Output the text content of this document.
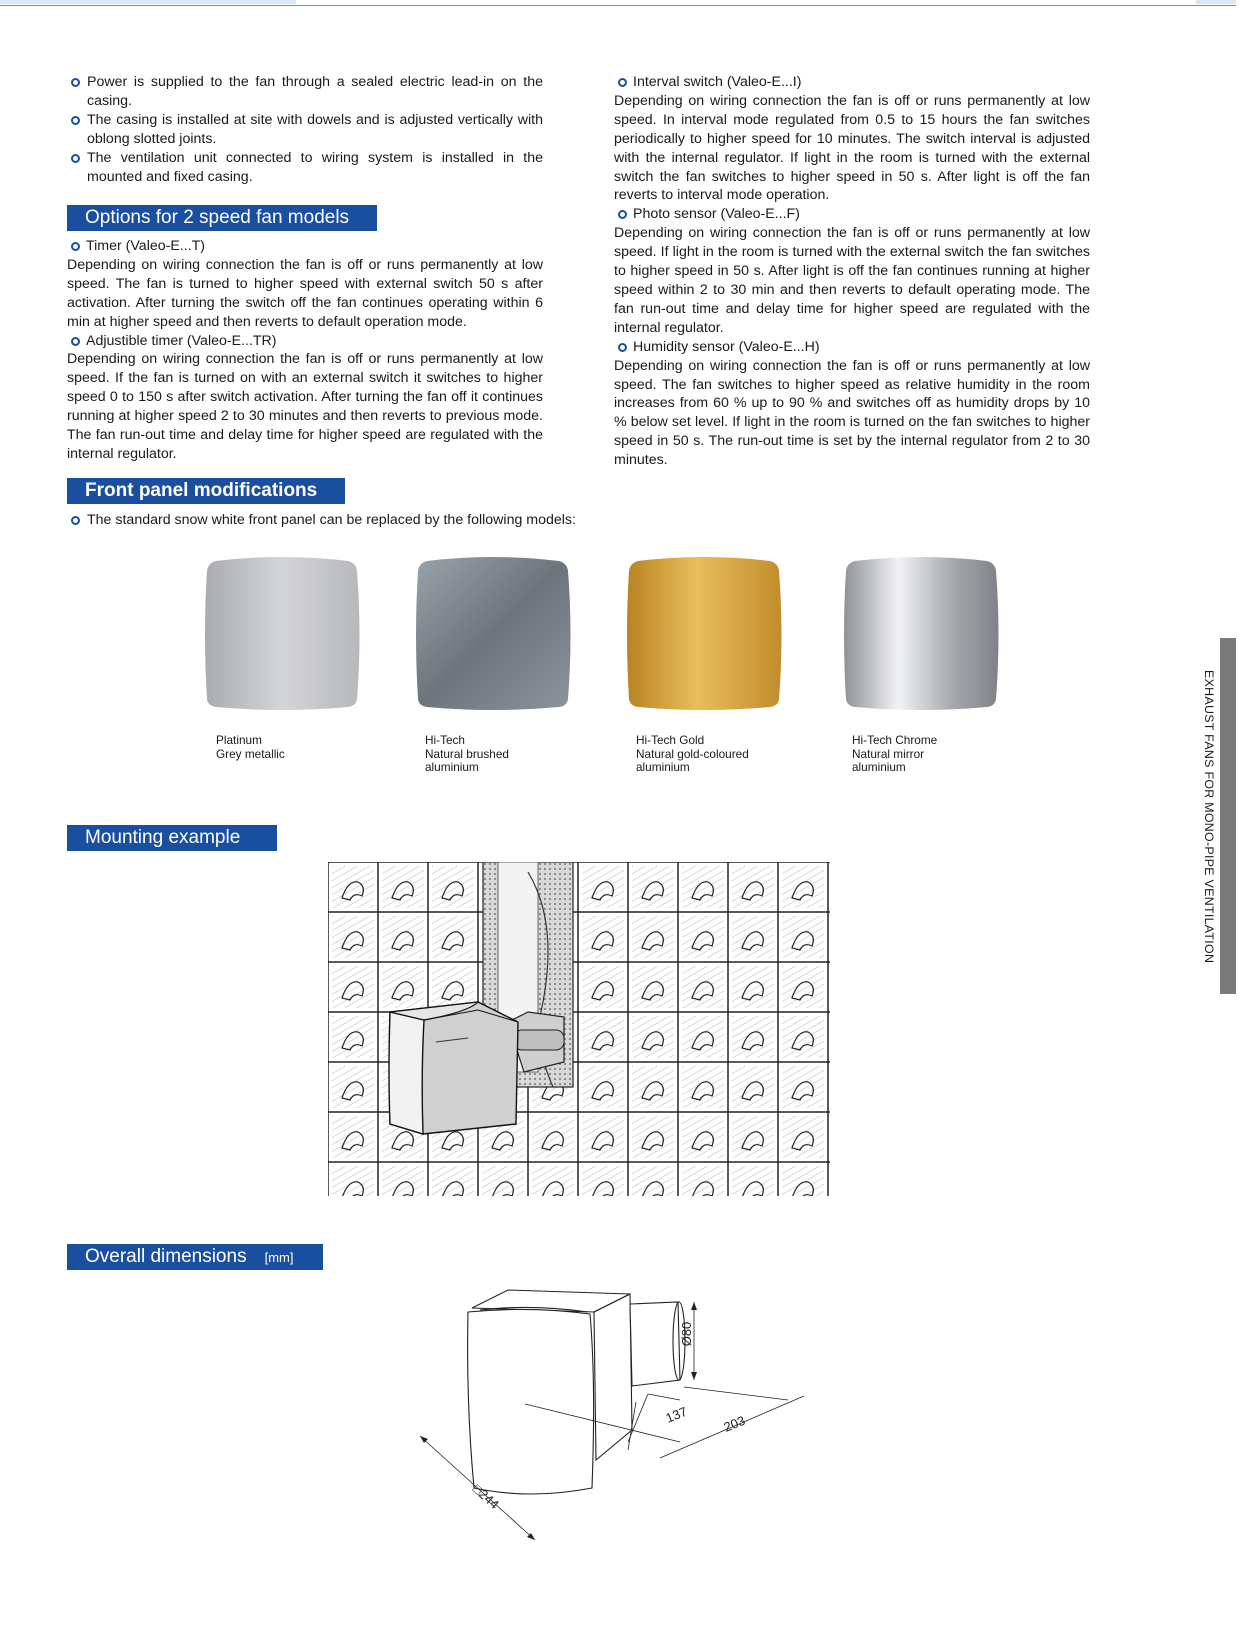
Power is supplied to the fan through a sealed electric lead-in on the casing.

The casing is installed at site with dowels and is adjusted vertically with oblong slotted joints.

The ventilation unit connected to wiring system is installed in the mounted and fixed casing.

Options for 2 speed fan models

Timer (Valeo-E...T)

Depending on wiring connection the fan is off or runs permanently at low speed. The fan is turned to higher speed with external switch 50 s after activation. After turning the switch off the fan continues operating within 6 min at higher speed and then reverts to default operation mode.

Adjustible timer (Valeo-E...TR)

Depending on wiring connection the fan is off or runs permanently at low speed. If the fan is turned on with an external switch it switches to higher speed 0 to 150 s after switch activation. After turning the fan off it continues running at higher speed 2 to 30 minutes and then reverts to previous mode. The fan run-out time and delay time for higher speed are regulated with the internal regulator.

Interval switch (Valeo-E...I)

Depending on wiring connection the fan is off or runs permanently at low speed. In interval mode regulated from 0.5 to 15 hours the fan switches periodically to higher speed for 10 minutes. The switch interval is adjusted with the internal regulator. If light in the room is turned with the external switch the fan switches to higher speed in 50 s. After light is off the fan reverts to interval mode operation.

Photo sensor (Valeo-E...F)

Depending on wiring connection the fan is off or runs permanently at low speed. If light in the room is turned with the external switch the fan switches to higher speed in 50 s. After light is off the fan continues running at higher speed within 2 to 30 min and then reverts to default operating mode. The fan run-out time and delay time for higher speed are regulated with the internal regulator.

Humidity sensor (Valeo-E...H)

Depending on wiring connection the fan is off or runs permanently at low speed. The fan switches to higher speed as relative humidity in the room increases from 60 % up to 90 % and switches off as humidity drops by 10 % below set level. If light in the room is turned on the fan switches to higher speed in 50 s. The run-out time is set by the internal regulator from 2 to 30 minutes.

Front panel modifications

The standard snow white front panel can be replaced by the following models:

Platinum
Grey metallic
Hi-Tech
Natural brushed
aluminium
Hi-Tech Gold
Natural gold-coloured
aluminium
Hi-Tech Chrome
Natural mirror
aluminium
Mounting example
Overall dimensions [mm]
Ø80
137 203
□244
EXHAUST FANS FOR MONO-PIPE VENTILATION
